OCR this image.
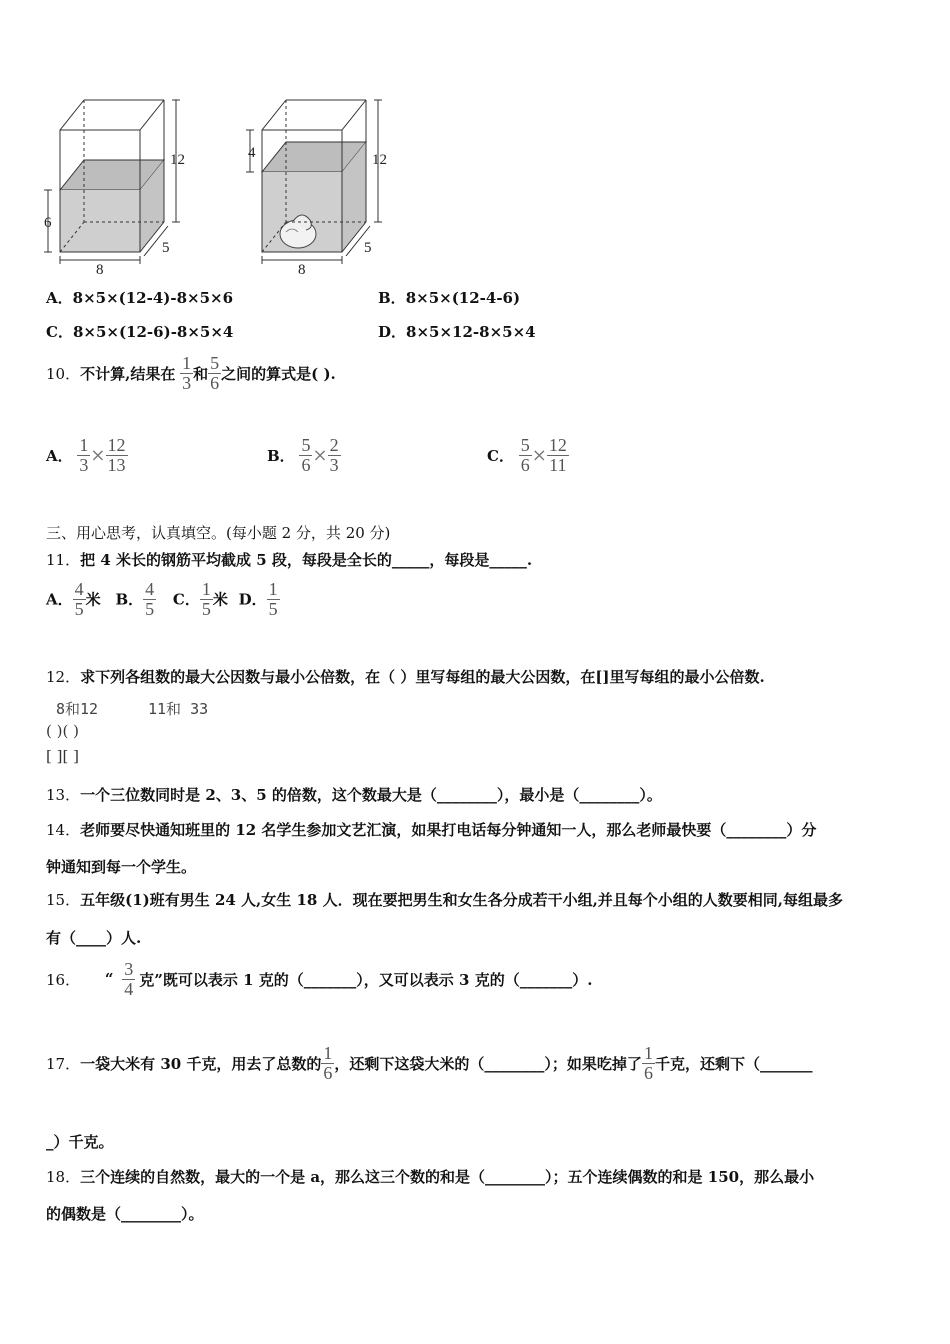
12
6
8
5
12
4
8
5
A．8×5×(12-4)-8×5×6	B．8×5×(12-4-6)
C．8×5×(12-6)-8×5×4	D．8×5×12-8×5×4
10．不计算,结果在 $\frac{1}{3}$ 和 $\frac{5}{6}$ 之间的算式是( ).
A． $\frac{1}{3} \times \frac{12}{13}$	B． $\frac{5}{6} \times \frac{2}{3}$	C． $\frac{5}{6} \times \frac{12}{11}$
三、用心思考，认真填空。(每小题 2 分，共 20 分)
11．把 4 米长的钢筋平均截成 5 段，每段是全长的_____，每段是_____.
A． $\frac{4}{5}$ 米 B． $\frac{4}{5}$ C． $\frac{1}{5}$ 米 D． $\frac{1}{5}$
12．求下列各组数的最大公因数与最小公倍数，在（ ）里写每组的最大公因数，在[]里写每组的最小公倍数.
8和12	11和 33
( )( )
[ ][ ]
13．一个三位数同时是 2、3、5 的倍数，这个数最大是（________），最小是（________）。
14．老师要尽快通知班里的 12 名学生参加文艺汇演，如果打电话每分钟通知一人，那么老师最快要（________）分
钟通知到每一个学生。
15．五年级(1)班有男生 24 人,女生 18 人．现在要把男生和女生各分成若干小组,并且每个小组的人数要相同,每组最多
有（____）人.
16． “ $\frac{3}{4}$ 克”既可以表示 1 克的（_______），又可以表示 3 克的（_______）.
17．一袋大米有 30 千克，用去了总数的 $\frac{1}{6}$ ，还剩下这袋大米的（________）；如果吃掉了 $\frac{1}{6}$ 千克，还剩下（_______
_）千克。
18．三个连续的自然数，最大的一个是 a，那么这三个数的和是（________）；五个连续偶数的和是 150，那么最小
的偶数是（________）。
